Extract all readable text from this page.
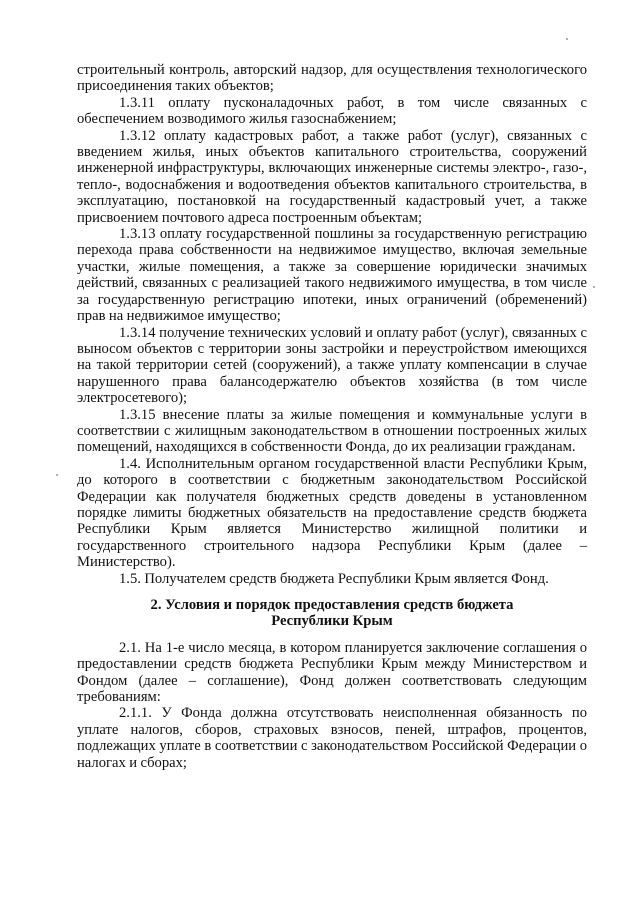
строительный контроль, авторский надзор, для осуществления технологического присоединения таких объектов;

1.3.11 оплату пусконаладочных работ, в том числе связанных с обеспечением возводимого жилья газоснабжением;

1.3.12 оплату кадастровых работ, а также работ (услуг), связанных с введением жилья, иных объектов капитального строительства, сооружений инженерной инфраструктуры, включающих инженерные системы электро-, газо-, тепло-, водоснабжения и водоотведения объектов капитального строительства, в эксплуатацию, постановкой на государственный кадастровый учет, а также присвоением почтового адреса построенным объектам;

1.3.13 оплату государственной пошлины за государственную регистрацию перехода права собственности на недвижимое имущество, включая земельные участки, жилые помещения, а также за совершение юридически значимых действий, связанных с реализацией такого недвижимого имущества, в том числе за государственную регистрацию ипотеки, иных ограничений (обременений) прав на недвижимое имущество;

1.3.14 получение технических условий и оплату работ (услуг), связанных с выносом объектов с территории зоны застройки и переустройством имеющихся на такой территории сетей (сооружений), а также уплату компенсации в случае нарушенного права балансодержателю объектов хозяйства (в том числе электросетевого);

1.3.15 внесение платы за жилые помещения и коммунальные услуги в соответствии с жилищным законодательством в отношении построенных жилых помещений, находящихся в собственности Фонда, до их реализации гражданам.

1.4. Исполнительным органом государственной власти Республики Крым, до которого в соответствии с бюджетным законодательством Российской Федерации как получателя бюджетных средств доведены в установленном порядке лимиты бюджетных обязательств на предоставление средств бюджета Республики Крым является Министерство жилищной политики и государственного строительного надзора Республики Крым (далее – Министерство).

1.5. Получателем средств бюджета Республики Крым является Фонд.

2. Условия и порядок предоставления средств бюджета
Республики Крым

2.1. На 1-е число месяца, в котором планируется заключение соглашения о предоставлении средств бюджета Республики Крым между Министерством и Фондом (далее – соглашение), Фонд должен соответствовать следующим требованиям:

2.1.1. У Фонда должна отсутствовать неисполненная обязанность по уплате налогов, сборов, страховых взносов, пеней, штрафов, процентов, подлежащих уплате в соответствии с законодательством Российской Федерации о налогах и сборах;
